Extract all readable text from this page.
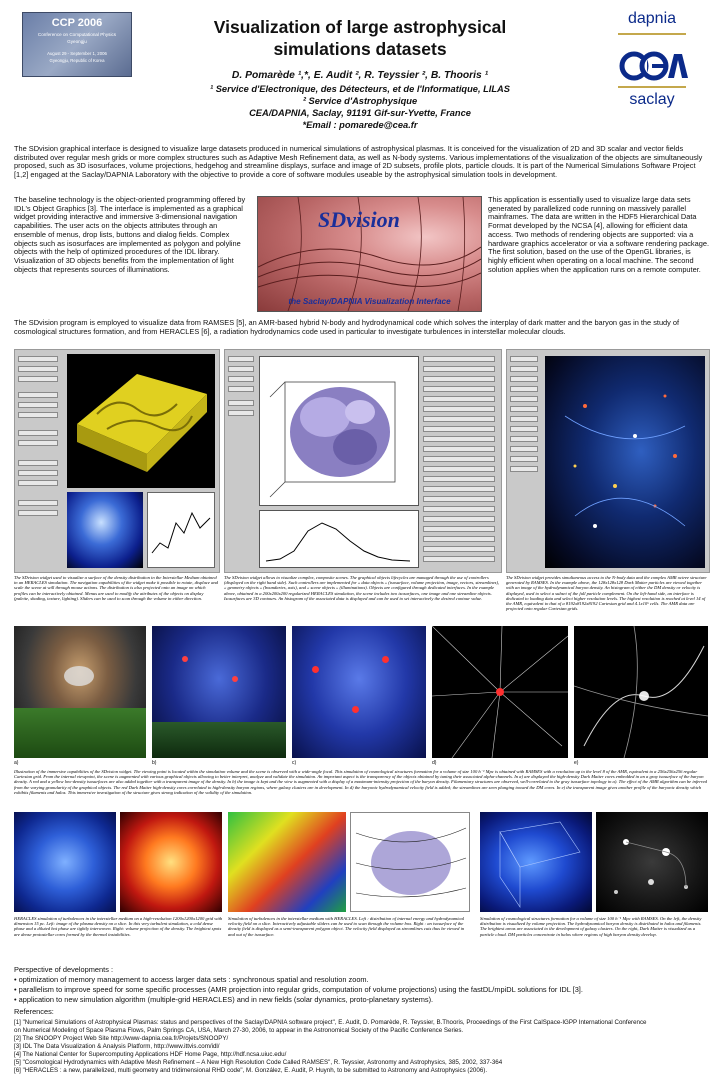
CCP 2006
Conference on Computational Physics
Gyeongju
August 29 - September 1, 2006
Gyeongju, Republic of Korea
Visualization of large astrophysical
simulations datasets
D. Pomarède ¹,*, E. Audit ², R. Teyssier ², B. Thooris ¹
¹ Service d'Electronique, des Détecteurs, et de l'Informatique, LILAS
² Service d'Astrophysique
CEA/DAPNIA, Saclay, 91191 Gif-sur-Yvette, France
*Email : pomarede@cea.fr
dapnia
saclay
The SDvision graphical interface is designed to visualize large datasets produced in numerical simulations of astrophysical plasmas. It is conceived for the visualization of 2D and 3D scalar and vector fields distributed over regular mesh grids or more complex structures such as Adaptive Mesh Refinement data, as well as N-body systems. Various implementations of the visualization of the objects are simultaneously proposed, such as 3D isosurfaces, volume projections, hedgehog and streamline displays, surface and image of 2D subsets, profile plots, particle clouds. It is part of the Numerical Simulations Software Project [1,2] engaged at the Saclay/DAPNIA Laboratory with the objective to provide a core of software modules useable by the astrophysical simulation tools in development.
The baseline technology is the object-oriented programming offered by IDL's Object Graphics [3]. The interface is implemented as a graphical widget providing interactive and immersive 3-dimensional navigation capabilities. The user acts on the objects attributes through an ensemble of menus, drop lists, buttons and dialog fields. Complex objects such as isosurfaces are implemented as polygon and polyline objects with the help of optimized procedures of the IDL library. Visualization of 3D objects benefits from the implementation of light objects that represents sources of illuminations.
SDvision
the Saclay/DAPNIA Visualization Interface
This application is essentially used to visualize large data sets generated by parallelized code running on massively parallel mainframes. The data are written in the HDF5 Hierarchical Data Format developed by the NCSA [4], allowing for efficient data access. Two methods of rendering objects are supported: via a hardware graphics accelerator or via a software rendering package. The first solution, based on the use of the OpenGL libraries, is highly efficient when operating on a local machine. The second solution applies when the application runs on a remote computer.
The SDvision program is employed to visualize data from RAMSES [5], an AMR-based hybrid N-body and hydrodynamical code which solves the interplay of dark matter and the baryon gas in the study of cosmological structures formation, and from HERACLES [6], a radiation hydrodynamics code used in particular to investigate turbulences in interstellar molecular clouds.
The SDvision widget used to visualize a surface of the density distribution in the Interstellar Medium obtained in an HERACLES simulation. The navigation capabilities of the widget make it possible to rotate, displace and scale the scene at will through mouse actions. The distribution is also projected onto an image on which profiles can be interactively obtained. Menus are used to modify the attributes of the objects on display (palette, shading, texture, lighting). Sliders can be used to scan through the volume in either direction.
The SDvision widget allows to visualize complex, composite scenes. The graphical objects lifecycles are managed through the use of controllers (displayed on the right hand side). Such controllers are implemented for « data objects » (isosurface, volume projection, image, vectors, streamlines), « geometry objects » (boundaries, axis), and « scene objects » (illuminations). Objects are configured through dedicated interfaces. In the example above, obtained in a 200x200x200 regularized HERACLES simulation, the scene includes two isosurfaces, one image and one streamline objects. Isosurfaces are 3D contours. An histogram of the associated data is displayed and can be used to set interactively the desired contour value.
The SDvision widget provides simultaneous access to the N-body data and the complex AMR octree structure generated by RAMSES. In the example above, the 128x128x128 Dark Matter particles are viewed together with an image of the hydrodynamical baryon density. An histogram of either the DM density or velocity is displayed, used to select a subset of the full particle complement. On the left-hand side, an interface is dedicated to loading data and select higher resolution levels. The highest resolution is reached at level 14 of the AMR, equivalent to that of a 8192x8192x8192 Cartesian grid and 4.1x10⁵ cells. The AMR data are projected onto regular Cartesian grids.
a)	b)	c)	d)	e)
Illustration of the immersive capabilities of the SDvision widget. The viewing point is located within the simulation volume and the scene is observed with a wide-angle focal. This simulation of cosmological structures formation for a volume of size 100 h⁻¹ Mpc is obtained with RAMSES with a resolution up to the level 8 of the AMR, equivalent to a 256x256x256 regular Cartesian grid. From the internal viewpoint, the scene is augmented with various graphical objects allowing to better interpret, analyze and validate the simulation. An important aspect is the transparency of the objects obtained by tuning their associated alpha-channels. In a) are displayed the high-density Dark Matter cores embedded in an a gray isosurface of the baryon density. A red and a yellow low-density isosurfaces are also added together with a transparent image of the density. In b) the image is kept and the view is augmented with a display of a maximum-intensity projection of the baryon density. Filamentary structures are observed, well-correlated to the gray isosurface topology in a). The effect of the AMR algorithm can be inferred from the varying granularity of the graphical objects. The red Dark Matter high-density cores correlated to high-density baryon regions, where galaxy clusters are in development. In d) the baryonic hydrodynamical velocity field is added; the streamlines are seen plunging toward the DM cores. In e) the transparent image gives another profile of the baryonic density which exhibits filaments and halos. This immersive investigation of the structure gives strong indication of the validity of the simulation.
HERACLES simulation of turbulences in the interstellar medium on a high-resolution 1200x1200x1200 grid with dimension 15 pc. Left: image of the plasma density on a slice. In this very turbulent simulation, a cold dense phase and a diluted hot phase are tightly interwoven. Right: volume projection of the density. The brightest spots are dense protostellar cores formed by the thermal instabilities.
Simulation of turbulences in the interstellar medium with HERACLES. Left : distribution of internal energy and hydrodynamical velocity field on a slice. Interactively adjustable sliders can be used to scan through the volume box. Right : an isosurface of the density field is displayed as a semi-transparent polygon object. The velocity field displayed as streamlines cuts thus be viewed in and out of the isosurface.
Simulation of cosmological structures formation for a volume of size 100 h⁻¹ Mpc with RAMSES. On the left, the density distribution is visualized by volume projection. The hydrodynamical baryon density is distributed in halos and filaments. The brightest areas are associated to the development of galaxy clusters. On the right, Dark Matter is visualized as a particle cloud. DM particles concentrate in halos where regions of high baryon density develop.
Perspective of developments :
• optimization of memory management to access larger data sets : synchronous spatial and resolution zoom.
• parallelism to improve speed for some specific processes (AMR projection into regular grids, computation of volume projections) using the fastDL/mpiDL solutions for IDL [3].
• application to new simulation algorithm (multiple-grid HERACLES) and in new fields (solar dynamics, proto-planetary systems).
References:
[1] "Numerical Simulations of Astrophysical Plasmas: status and perspectives of the Saclay/DAPNIA software project", E. Audit, D. Pomarède, R. Teyssier, B.Thooris, Proceedings of the First CalSpace-IGPP International Conference
on Numerical Modeling of Space Plasma Flows, Palm Springs CA, USA, March 27-30, 2006, to appear in the Astronomical Society of the Pacific Conference Series.
[2] The SNOOPY Project Web Site http://www-dapnia.cea.fr/Projets/SNOOPY/
[3] IDL The Data Visualization & Analysis Platform, http://www.ittvis.com/idl/
[4] The National Center for Supercomputing Applications HDF Home Page, http://hdf.ncsa.uiuc.edu/
[5] "Cosmological Hydrodynamics with Adaptive Mesh Refinement – A New High Resolution Code Called RAMSES", R. Teyssier, Astronomy and Astrophysics, 385, 2002, 337-364
[6] "HERACLES : a new, parallelized, multi geometry and tridimensional RHD code", M. González, E. Audit, P. Huynh, to be submitted to Astronomy and Astrophysics (2006).
